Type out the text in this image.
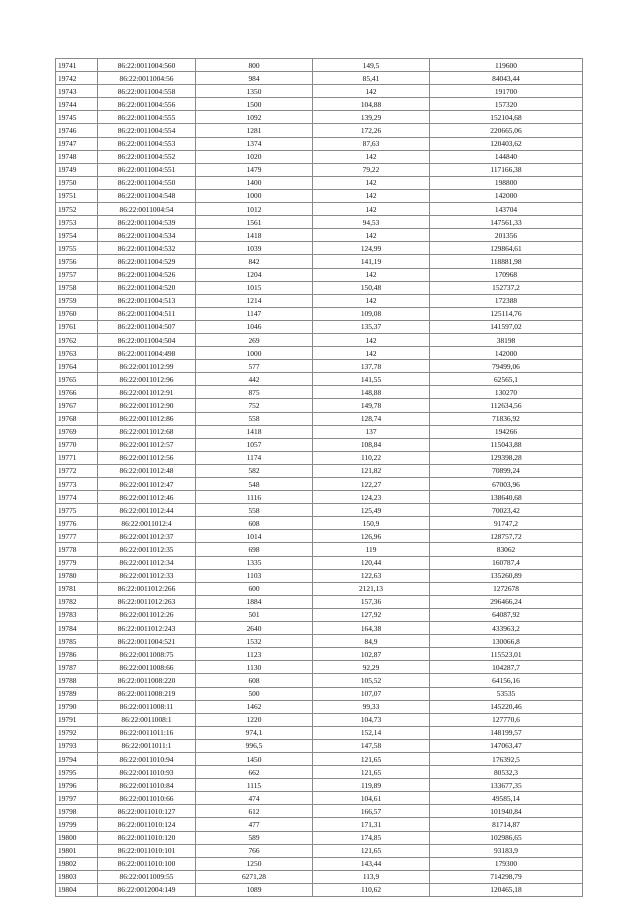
19741	86:22:0011004:560	800	149,5	119600
19742	86:22:0011004:56	984	85,41	84043,44
19743	86:22:0011004:558	1350	142	191700
19744	86:22:0011004:556	1500	104,88	157320
19745	86:22:0011004:555	1092	139,29	152104,68
19746	86:22:0011004:554	1281	172,26	220665,06
19747	86:22:0011004:553	1374	87,63	120403,62
19748	86:22:0011004:552	1020	142	144840
19749	86:22:0011004:551	1479	79,22	117166,38
19750	86:22:0011004:550	1400	142	198800
19751	86:22:0011004:548	1000	142	142000
19752	86:22:0011004:54	1012	142	143704
19753	86:22:0011004:539	1561	94,53	147561,33
19754	86:22:0011004:534	1418	142	201356
19755	86:22:0011004:532	1039	124,99	129864,61
19756	86:22:0011004:529	842	141,19	118881,98
19757	86:22:0011004:526	1204	142	170968
19758	86:22:0011004:520	1015	150,48	152737,2
19759	86:22:0011004:513	1214	142	172388
19760	86:22:0011004:511	1147	109,08	125114,76
19761	86:22:0011004:507	1046	135,37	141597,02
19762	86:22:0011004:504	269	142	38198
19763	86:22:0011004:498	1000	142	142000
19764	86:22:0011012:99	577	137,78	79499,06
19765	86:22:0011012:96	442	141,55	62565,1
19766	86:22:0011012:91	875	148,88	130270
19767	86:22:0011012:90	752	149,78	112634,56
19768	86:22:0011012:86	558	128,74	71836,92
19769	86:22:0011012:68	1418	137	194266
19770	86:22:0011012:57	1057	108,84	115043,88
19771	86:22:0011012:56	1174	110,22	129398,28
19772	86:22:0011012:48	582	121,82	70899,24
19773	86:22:0011012:47	548	122,27	67003,96
19774	86:22:0011012:46	1116	124,23	138640,68
19775	86:22:0011012:44	558	125,49	70023,42
19776	86:22:0011012:4	608	150,9	91747,2
19777	86:22:0011012:37	1014	126,96	128757,72
19778	86:22:0011012:35	698	119	83062
19779	86:22:0011012:34	1335	120,44	160787,4
19780	86:22:0011012:33	1103	122,63	135260,89
19781	86:22:0011012:266	600	2121,13	1272678
19782	86:22:0011012:263	1884	157,36	296466,24
19783	86:22:0011012:26	501	127,92	64087,92
19784	86:22:0011012:243	2640	164,38	433963,2
19785	86:22:0011004:521	1532	84,9	130066,8
19786	86:22:0011008:75	1123	102,87	115523,01
19787	86:22:0011008:66	1130	92,29	104287,7
19788	86:22:0011008:220	608	105,52	64156,16
19789	86:22:0011008:219	500	107,07	53535
19790	86:22:0011008:11	1462	99,33	145220,46
19791	86:22:0011008:1	1220	104,73	127770,6
19792	86:22:0011011:16	974,1	152,14	148199,57
19793	86:22:0011011:1	996,5	147,58	147063,47
19794	86:22:0011010:94	1450	121,65	176392,5
19795	86:22:0011010:93	662	121,65	80532,3
19796	86:22:0011010:84	1115	119,89	133677,35
19797	86:22:0011010:66	474	104,61	49585,14
19798	86:22:0011010:127	612	166,57	101940,84
19799	86:22:0011010:124	477	171,31	81714,87
19800	86:22:0011010:120	589	174,85	102986,65
19801	86:22:0011010:101	766	121,65	93183,9
19802	86:22:0011010:100	1250	143,44	179300
19803	86:22:0011009:55	6271,28	113,9	714298,79
19804	86:22:0012004:149	1089	110,62	120465,18
